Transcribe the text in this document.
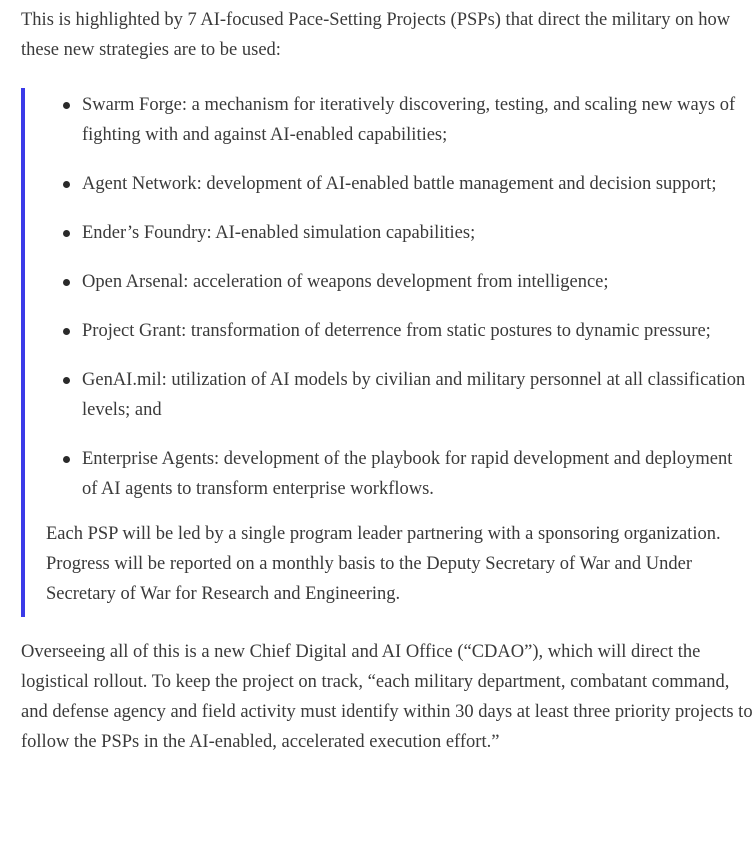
This is highlighted by 7 AI-focused Pace-Setting Projects (PSPs) that direct the military on how these new strategies are to be used:

Swarm Forge: a mechanism for iteratively discovering, testing, and scaling new ways of fighting with and against AI-enabled capabilities;
Agent Network: development of AI-enabled battle management and decision support;
Ender’s Foundry: AI-enabled simulation capabilities;
Open Arsenal: acceleration of weapons development from intelligence;
Project Grant: transformation of deterrence from static postures to dynamic pressure;
GenAI.mil: utilization of AI models by civilian and military personnel at all classification levels; and
Enterprise Agents: development of the playbook for rapid development and deployment of AI agents to transform enterprise workflows.

Each PSP will be led by a single program leader partnering with a sponsoring organization. Progress will be reported on a monthly basis to the Deputy Secretary of War and Under Secretary of War for Research and Engineering.

Overseeing all of this is a new Chief Digital and AI Office (“CDAO”), which will direct the logistical rollout. To keep the project on track, “each military department, combatant command, and defense agency and field activity must identify within 30 days at least three priority projects to follow the PSPs in the AI-enabled, accelerated execution effort.”
